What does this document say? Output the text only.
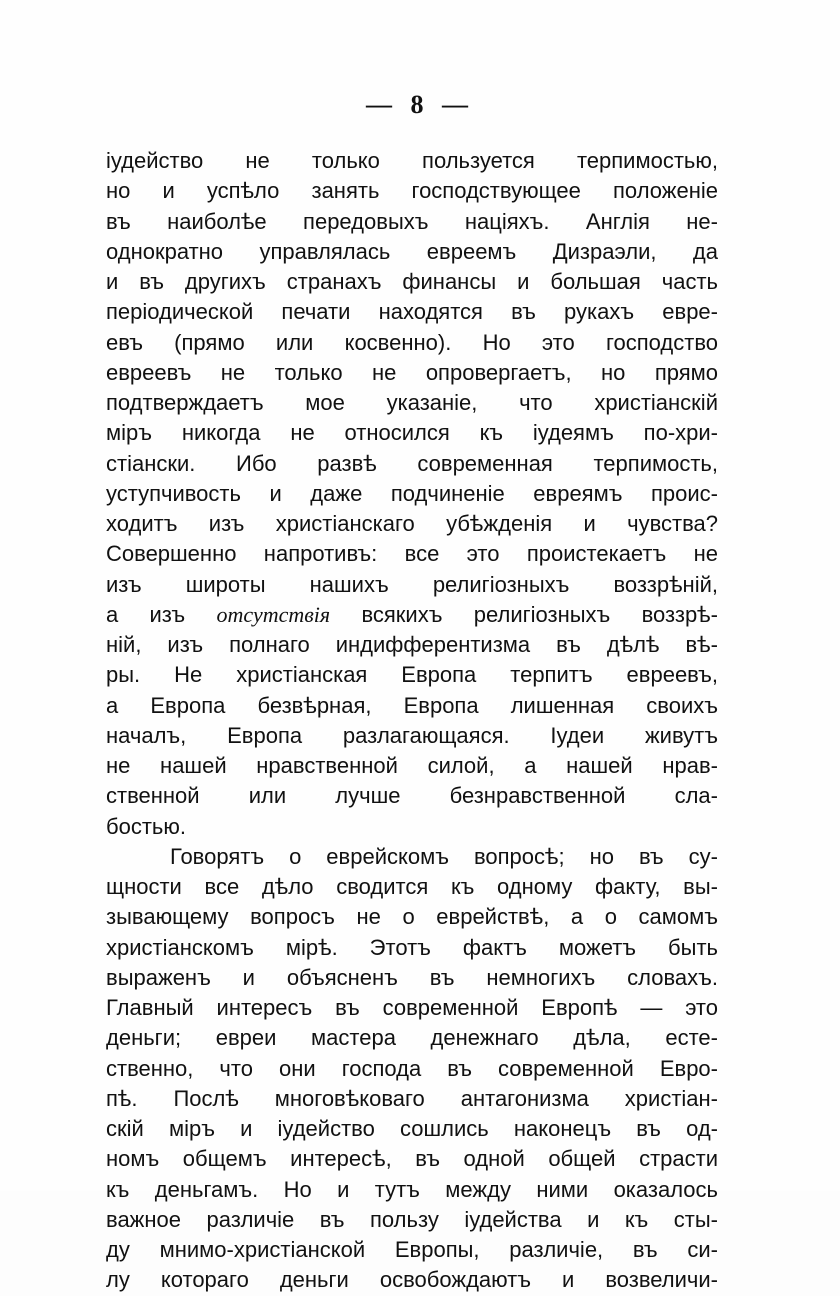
— 8 —
іудейство не только пользуется терпимостью,
но и успѣло занять господствующее положеніе
въ наиболѣе передовыхъ націяхъ. Англія не-
однократно управлялась евреемъ Дизраэли, да
и въ другихъ странахъ финансы и большая часть
періодической печати находятся въ рукахъ евре-
евъ (прямо или косвенно). Но это господство
евреевъ не только не опровергаетъ, но прямо
подтверждаетъ мое указаніе, что христіанскій
міръ никогда не относился къ іудеямъ по-хри-
стіански. Ибо развѣ современная терпимость,
уступчивость и даже подчиненіе евреямъ проис-
ходитъ изъ христіанскаго убѣжденія и чувства?
Совершенно напротивъ: все это проистекаетъ не
изъ широты нашихъ религіозныхъ воззрѣній,
а изъ отсутствія всякихъ религіозныхъ воззрѣ-
ній, изъ полнаго индифферентизма въ дѣлѣ вѣ-
ры. Не христіанская Европа терпитъ евреевъ,
а Европа безвѣрная, Европа лишенная своихъ
началъ, Европа разлагающаяся. Іудеи живутъ
не нашей нравственной силой, а нашей нрав-
ственной или лучше безнравственной сла-
бостью.
Говорятъ о еврейскомъ вопросѣ; но въ су-
щности все дѣло сводится къ одному факту, вы-
зывающему вопросъ не о еврействѣ, а о самомъ
христіанскомъ мірѣ. Этотъ фактъ можетъ быть
выраженъ и объясненъ въ немногихъ словахъ.
Главный интересъ въ современной Европѣ — это
деньги; евреи мастера денежнаго дѣла, есте-
ственно, что они господа въ современной Евро-
пѣ. Послѣ многовѣковаго антагонизма христіан-
скій міръ и іудейство сошлись наконецъ въ од-
номъ общемъ интересѣ, въ одной общей страсти
къ деньгамъ. Но и тутъ между ними оказалось
важное различіе въ пользу іудейства и къ сты-
ду мнимо-христіанской Европы, различіе, въ си-
лу котораго деньги освобождаютъ и возвеличи-
